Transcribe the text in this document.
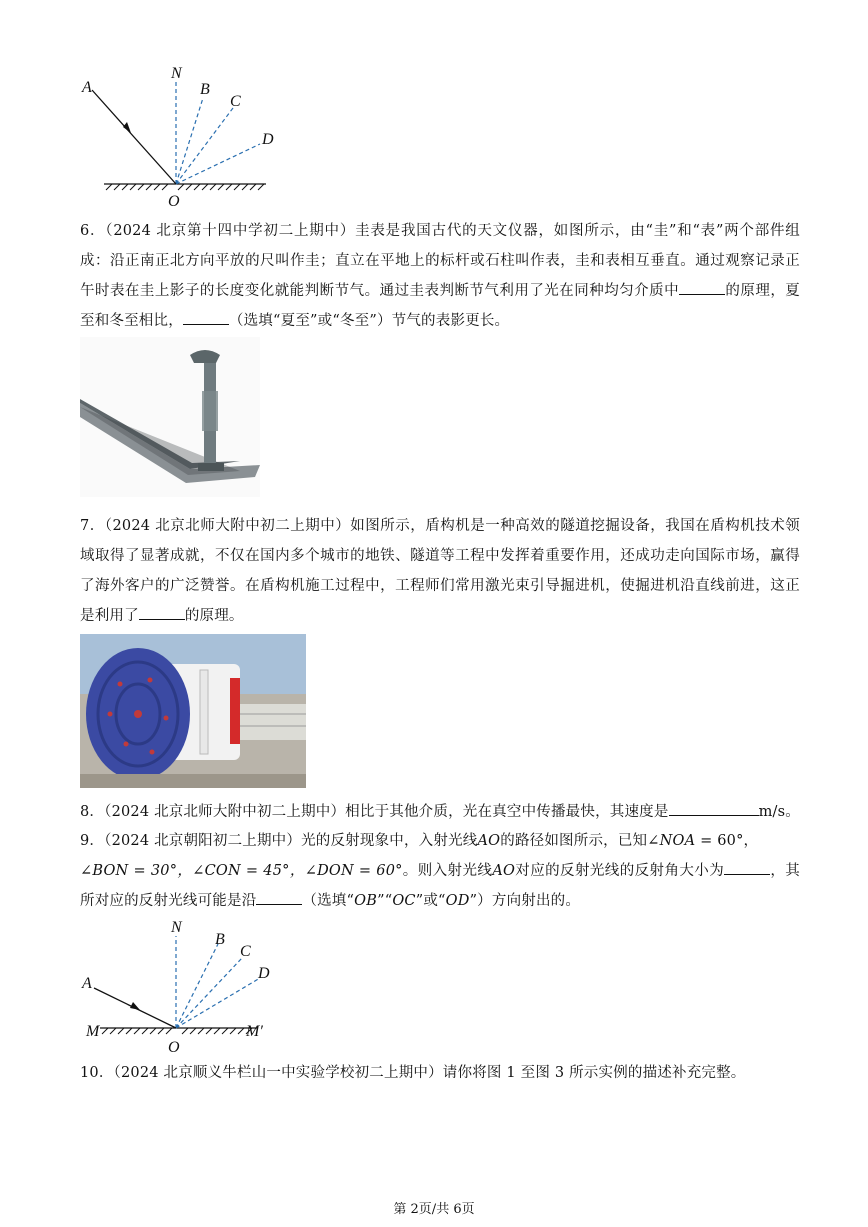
A
N
B
C
D
O
6．（2024 北京第十四中学初二上期中）圭表是我国古代的天文仪器，如图所示，由“圭”和“表”两个部件组成：沿正南正北方向平放的尺叫作圭；直立在平地上的标杆或石柱叫作表，圭和表相互垂直。通过观察记录正午时表在圭上影子的长度变化就能判断节气。通过圭表判断节气利用了光在同种均匀介质中	的原理，夏至和冬至相比，	（选填“夏至”或“冬至”）节气的表影更长。
7．（2024 北京北师大附中初二上期中）如图所示，盾构机是一种高效的隧道挖掘设备，我国在盾构机技术领域取得了显著成就，不仅在国内多个城市的地铁、隧道等工程中发挥着重要作用，还成功走向国际市场，赢得了海外客户的广泛赞誉。在盾构机施工过程中，工程师们常用激光束引导掘进机，使掘进机沿直线前进，这正是利用了	的原理。
8．（2024 北京北师大附中初二上期中）相比于其他介质，光在真空中传播最快，其速度是	m/s。
9．（2024 北京朝阳初二上期中）光的反射现象中，入射光线AO的路径如图所示，已知∠NOA = 60°，
∠BON = 30°，∠CON = 45°，∠DON = 60°。则入射光线AO对应的反射光线的反射角大小为	，其所对应的反射光线可能是沿	（选填“OB”“OC”或“OD”）方向射出的。
A
N
B
C
D
M	M′
O
10．（2024 北京顺义牛栏山一中实验学校初二上期中）请你将图 1 至图 3 所示实例的描述补充完整。
第 2页/共 6页
